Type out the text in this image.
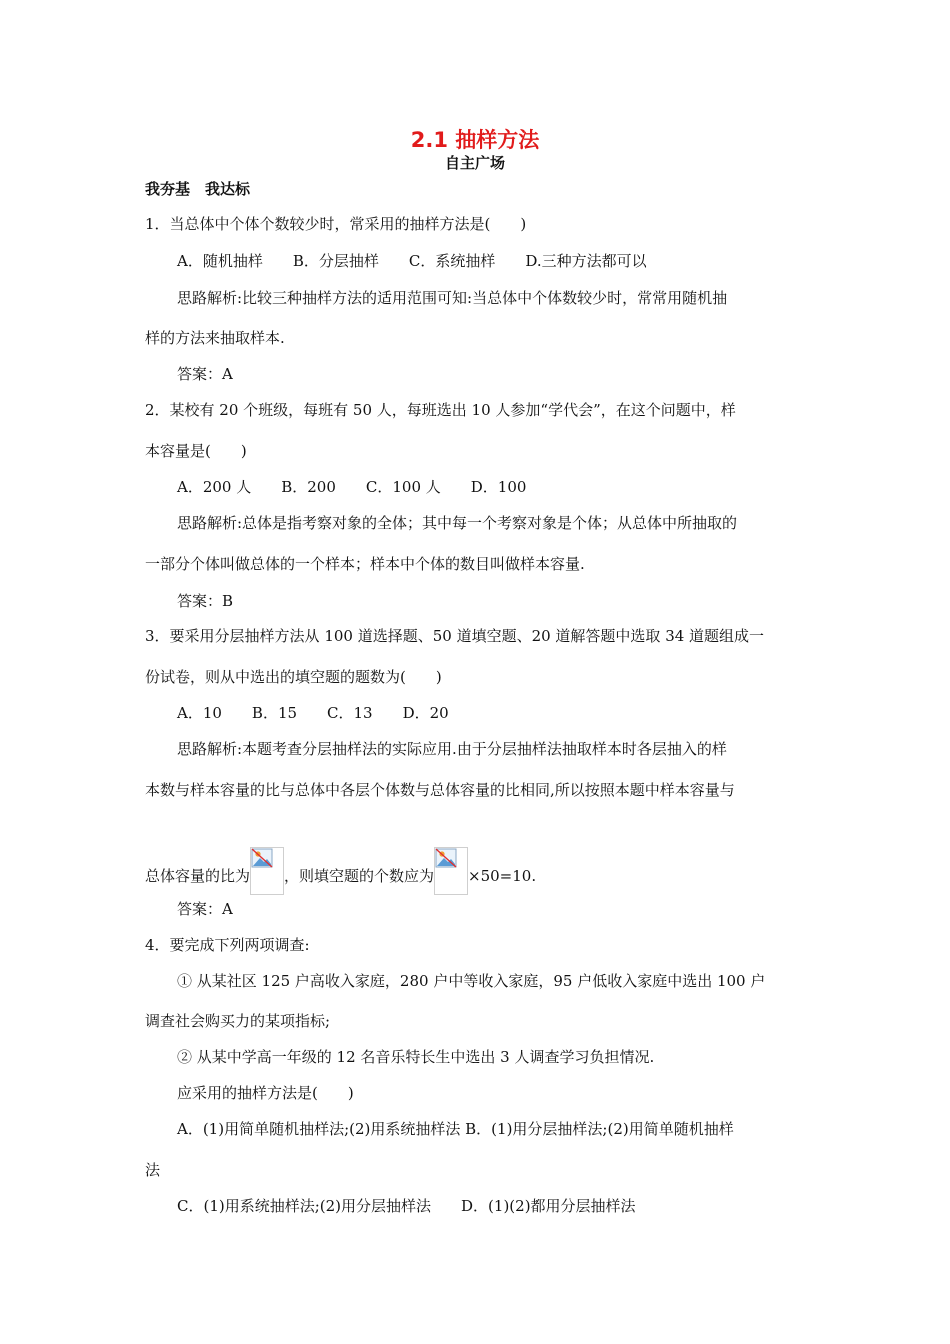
2.1 抽样方法
自主广场
我夯基　我达标
1．当总体中个体个数较少时，常采用的抽样方法是(　　)
A．随机抽样　　B．分层抽样　　C．系统抽样　　D.三种方法都可以
思路解析:比较三种抽样方法的适用范围可知:当总体中个体数较少时，常常用随机抽
样的方法来抽取样本.
答案：A
2．某校有 20 个班级，每班有 50 人，每班选出 10 人参加“学代会”，在这个问题中，样
本容量是(　　)
A．200 人　　B．200　　C．100 人　　D．100
思路解析:总体是指考察对象的全体；其中每一个考察对象是个体；从总体中所抽取的
一部分个体叫做总体的一个样本；样本中个体的数目叫做样本容量.
答案：B
3．要采用分层抽样方法从 100 道选择题、50 道填空题、20 道解答题中选取 34 道题组成一
份试卷，则从中选出的填空题的题数为(　　)
A．10　　B．15　　C．13　　D．20
思路解析:本题考查分层抽样法的实际应用.由于分层抽样法抽取样本时各层抽入的样
本数与样本容量的比与总体中各层个体数与总体容量的比相同,所以按照本题中样本容量与
总体容量的比为 ，则填空题的个数应为 ×50=10.
答案：A
4．要完成下列两项调查:
① 从某社区 125 户高收入家庭，280 户中等收入家庭，95 户低收入家庭中选出 100 户
调查社会购买力的某项指标;
② 从某中学高一年级的 12 名音乐特长生中选出 3 人调查学习负担情况.
应采用的抽样方法是(　　)
A．(1)用简单随机抽样法;(2)用系统抽样法 B．(1)用分层抽样法;(2)用简单随机抽样
法
C．(1)用系统抽样法;(2)用分层抽样法　　D．(1)(2)都用分层抽样法
